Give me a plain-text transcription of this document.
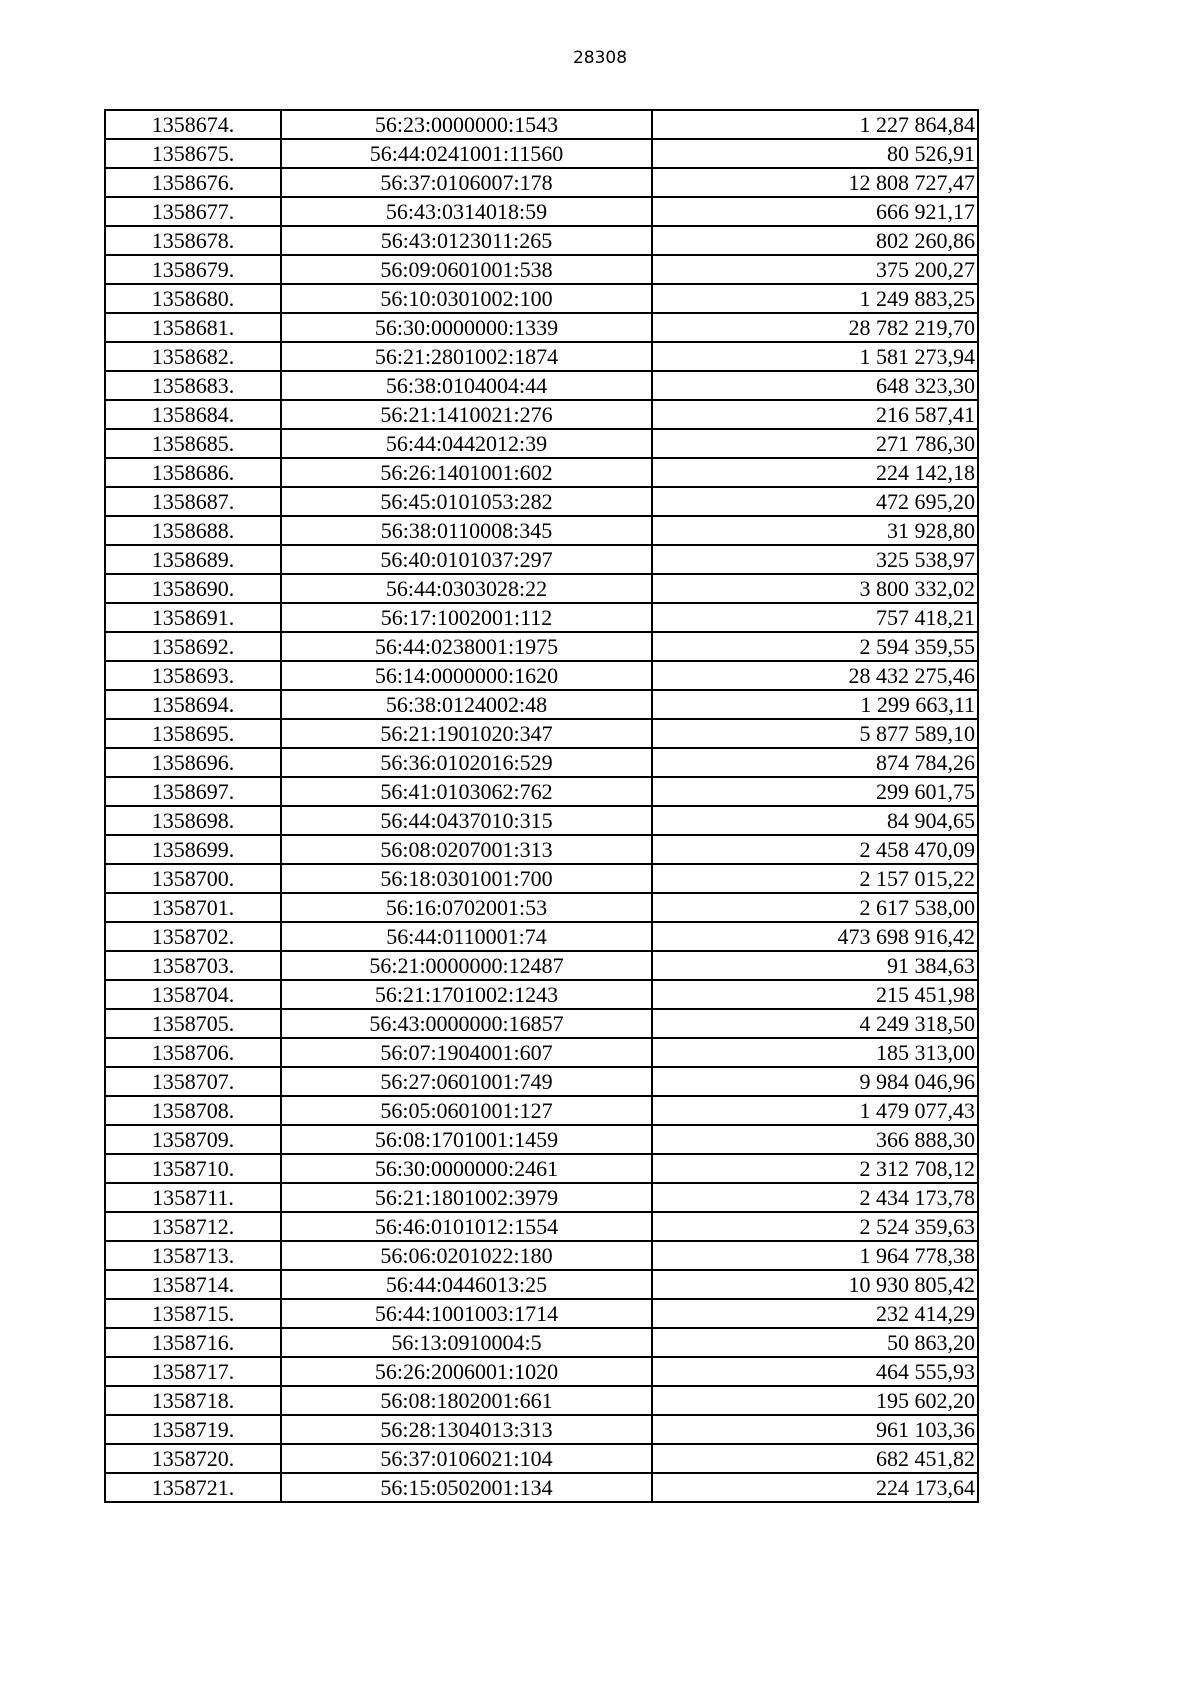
28308
1358674.	56:23:0000000:1543	1 227 864,84
1358675.	56:44:0241001:11560	80 526,91
1358676.	56:37:0106007:178	12 808 727,47
1358677.	56:43:0314018:59	666 921,17
1358678.	56:43:0123011:265	802 260,86
1358679.	56:09:0601001:538	375 200,27
1358680.	56:10:0301002:100	1 249 883,25
1358681.	56:30:0000000:1339	28 782 219,70
1358682.	56:21:2801002:1874	1 581 273,94
1358683.	56:38:0104004:44	648 323,30
1358684.	56:21:1410021:276	216 587,41
1358685.	56:44:0442012:39	271 786,30
1358686.	56:26:1401001:602	224 142,18
1358687.	56:45:0101053:282	472 695,20
1358688.	56:38:0110008:345	31 928,80
1358689.	56:40:0101037:297	325 538,97
1358690.	56:44:0303028:22	3 800 332,02
1358691.	56:17:1002001:112	757 418,21
1358692.	56:44:0238001:1975	2 594 359,55
1358693.	56:14:0000000:1620	28 432 275,46
1358694.	56:38:0124002:48	1 299 663,11
1358695.	56:21:1901020:347	5 877 589,10
1358696.	56:36:0102016:529	874 784,26
1358697.	56:41:0103062:762	299 601,75
1358698.	56:44:0437010:315	84 904,65
1358699.	56:08:0207001:313	2 458 470,09
1358700.	56:18:0301001:700	2 157 015,22
1358701.	56:16:0702001:53	2 617 538,00
1358702.	56:44:0110001:74	473 698 916,42
1358703.	56:21:0000000:12487	91 384,63
1358704.	56:21:1701002:1243	215 451,98
1358705.	56:43:0000000:16857	4 249 318,50
1358706.	56:07:1904001:607	185 313,00
1358707.	56:27:0601001:749	9 984 046,96
1358708.	56:05:0601001:127	1 479 077,43
1358709.	56:08:1701001:1459	366 888,30
1358710.	56:30:0000000:2461	2 312 708,12
1358711.	56:21:1801002:3979	2 434 173,78
1358712.	56:46:0101012:1554	2 524 359,63
1358713.	56:06:0201022:180	1 964 778,38
1358714.	56:44:0446013:25	10 930 805,42
1358715.	56:44:1001003:1714	232 414,29
1358716.	56:13:0910004:5	50 863,20
1358717.	56:26:2006001:1020	464 555,93
1358718.	56:08:1802001:661	195 602,20
1358719.	56:28:1304013:313	961 103,36
1358720.	56:37:0106021:104	682 451,82
1358721.	56:15:0502001:134	224 173,64
